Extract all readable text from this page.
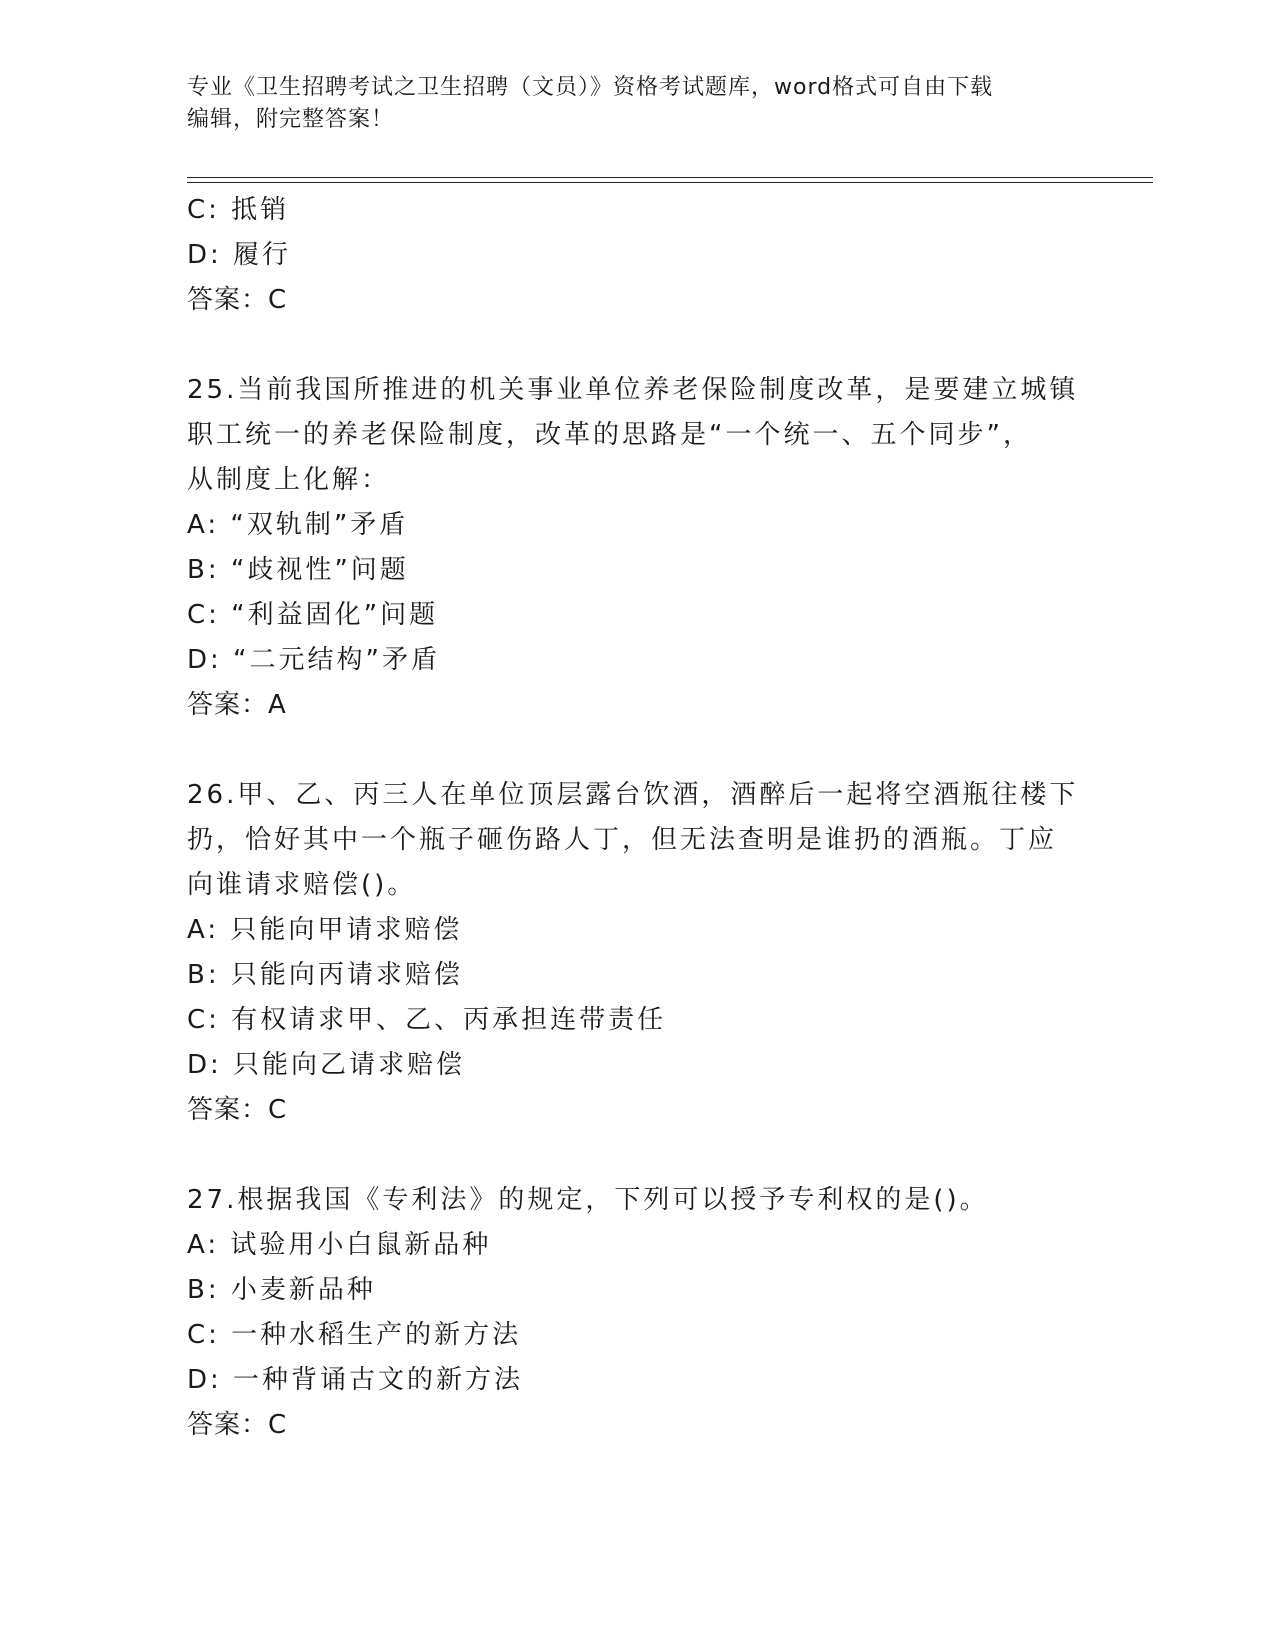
专业《卫生招聘考试之卫生招聘（文员）》资格考试题库，word格式可自由下载
编辑，附完整答案！
C: 抵销
D: 履行
答案：C
25.当前我国所推进的机关事业单位养老保险制度改革，是要建立城镇
职工统一的养老保险制度，改革的思路是“一个统一、五个同步”，
从制度上化解：
A: “双轨制”矛盾
B: “歧视性”问题
C: “利益固化”问题
D: “二元结构”矛盾
答案：A
26.甲、乙、丙三人在单位顶层露台饮酒，酒醉后一起将空酒瓶往楼下
扔，恰好其中一个瓶子砸伤路人丁，但无法查明是谁扔的酒瓶。丁应
向谁请求赔偿()。
A: 只能向甲请求赔偿
B: 只能向丙请求赔偿
C: 有权请求甲、乙、丙承担连带责任
D: 只能向乙请求赔偿
答案：C
27.根据我国《专利法》的规定，下列可以授予专利权的是()。
A: 试验用小白鼠新品种
B: 小麦新品种
C: 一种水稻生产的新方法
D: 一种背诵古文的新方法
答案：C
